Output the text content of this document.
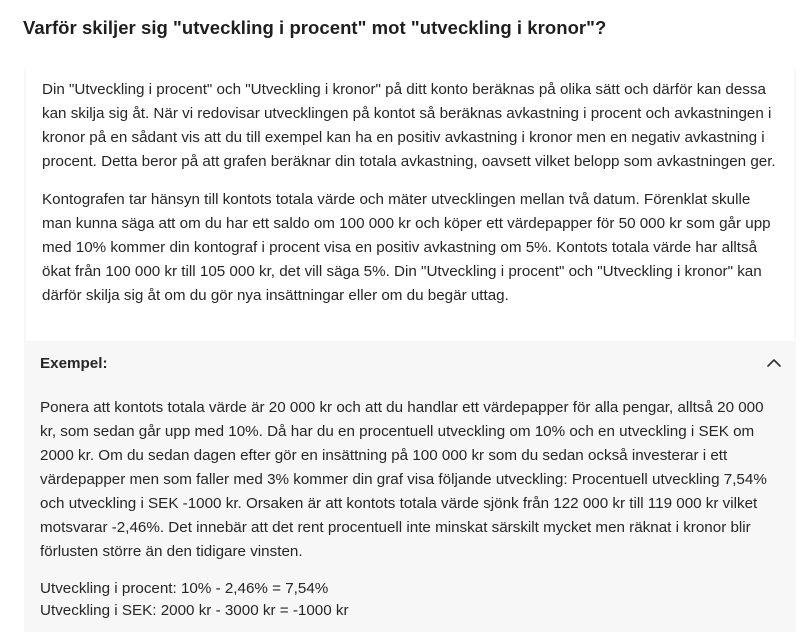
Varför skiljer sig "utveckling i procent" mot "utveckling i kronor"?

Din "Utveckling i procent" och "Utveckling i kronor" på ditt konto beräknas på olika sätt och därför kan dessa kan skilja sig åt. När vi redovisar utvecklingen på kontot så beräknas avkastning i procent och avkastningen i kronor på en sådant vis att du till exempel kan ha en positiv avkastning i kronor men en negativ avkastning i procent. Detta beror på att grafen beräknar din totala avkastning, oavsett vilket belopp som avkastningen ger.

Kontografen tar hänsyn till kontots totala värde och mäter utvecklingen mellan två datum. Förenklat skulle man kunna säga att om du har ett saldo om 100 000 kr och köper ett värdepapper för 50 000 kr som går upp med 10% kommer din kontograf i procent visa en positiv avkastning om 5%. Kontots totala värde har alltså ökat från 100 000 kr till 105 000 kr, det vill säga 5%. Din "Utveckling i procent" och "Utveckling i kronor" kan därför skilja sig åt om du gör nya insättningar eller om du begär uttag.

Exempel:

Ponera att kontots totala värde är 20 000 kr och att du handlar ett värdepapper för alla pengar, alltså 20 000 kr, som sedan går upp med 10%. Då har du en procentuell utveckling om 10% och en utveckling i SEK om 2000 kr. Om du sedan dagen efter gör en insättning på 100 000 kr som du sedan också investerar i ett värdepapper men som faller med 3% kommer din graf visa följande utveckling: Procentuell utveckling 7,54% och utveckling i SEK -1000 kr. Orsaken är att kontots totala värde sjönk från 122 000 kr till 119 000 kr vilket motsvarar -2,46%. Det innebär att det rent procentuell inte minskat särskilt mycket men räknat i kronor blir förlusten större än den tidigare vinsten.

Utveckling i procent: 10% - 2,46% = 7,54%
Utveckling i SEK: 2000 kr - 3000 kr = -1000 kr
